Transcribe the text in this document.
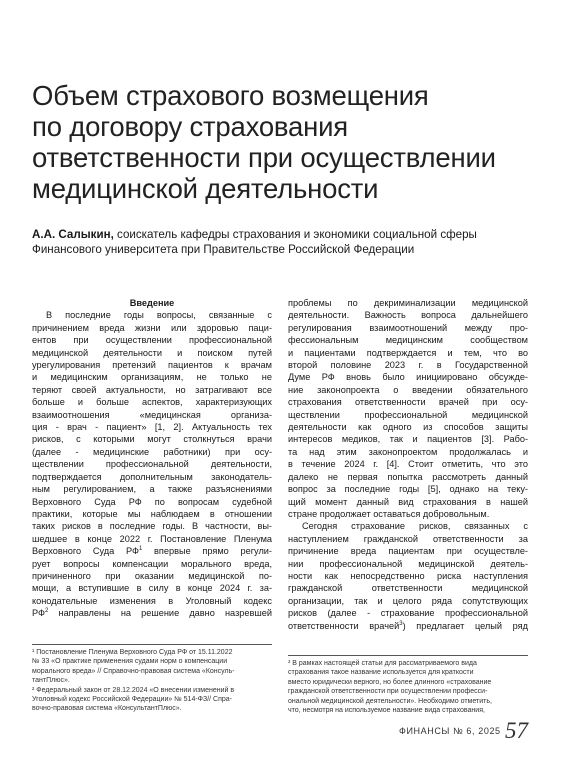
Объем страхового возмещения
по договору страхования
ответственности при осуществлении
медицинской деятельности

А.А. Салыкин, соискатель кафедры страхования и экономики социальной сферы
Финансового университета при Правительстве Российской Федерации

Введение
В последние годы вопросы, связанные с
причинением вреда жизни или здоровью паци-
ентов при осуществлении профессиональной
медицинской деятельности и поиском путей
урегулирования претензий пациентов к врачам
и медицинским организациям, не только не
теряют своей актуальности, но затрагивают все
больше и больше аспектов, характеризующих
взаимоотношения «медицинская организа-
ция - врач - пациент» [1, 2]. Актуальность тех
рисков, с которыми могут столкнуться врачи
(далее - медицинские работники) при осу-
ществлении профессиональной деятельности,
подтверждается дополнительным законодатель-
ным регулированием, а также разъяснениями
Верховного Суда РФ по вопросам судебной
практики, которые мы наблюдаем в отношении
таких рисков в последние годы. В частности, вы-
шедшее в конце 2022 г. Постановление Пленума
Верховного Суда $РФ^1$ впервые прямо регули-
рует вопросы компенсации морального вреда,
причиненного при оказании медицинской по-
мощи, а вступившие в силу в конце 2024 г. за-
конодательные изменения в Уголовный кодекс
$РФ^2$ направлены на решение давно назревшей
проблемы по декриминализации медицинской
деятельности. Важность вопроса дальнейшего
регулирования взаимоотношений между про-
фессиональным медицинским сообществом
и пациентами подтверждается и тем, что во
второй половине 2023 г. в Государственной
Думе РФ вновь было инициировано обсужде-
ние законопроекта о введении обязательного
страхования ответственности врачей при осу-
ществлении профессиональной медицинской
деятельности как одного из способов защиты
интересов медиков, так и пациентов [3]. Рабо-
та над этим законопроектом продолжалась и
в течение 2024 г. [4]. Стоит отметить, что это
далеко не первая попытка рассмотреть данный
вопрос за последние годы [5], однако на теку-
щий момент данный вид страхования в нашей
стране продолжает оставаться добровольным.
Сегодня страхование рисков, связанных с
наступлением гражданской ответственности за
причинение вреда пациентам при осуществле-
нии профессиональной медицинской деятель-
ности как непосредственно риска наступления
гражданской ответственности медицинской
организации, так и целого ряда сопутствующих
рисков (далее - страхование профессиональной
ответственности врачей$^3$) предлагает целый ряд
¹ Постановление Пленума Верховного Суда РФ от 15.11.2022
№ 33 «О практике применения судами норм о компенсации
морального вреда» // Справочно-правовая система «Консуль-
тантПлюс».
² Федеральный закон от 28.12.2024 «О внесении изменений в
Уголовный кодекс Российской Федерации» № 514-ФЗ// Спра-
вочно-правовая система «КонсультантПлюс».
³ В рамках настоящей статьи для рассматриваемого вида
страхования такое название используется для краткости
вместо юридически верного, но более длинного «страхование
гражданской ответственности при осуществлении професси-
ональной медицинской деятельности». Необходимо отметить,
что, несмотря на используемое название вида страхования,
ФИНАНСЫ № 6, 2025 57
